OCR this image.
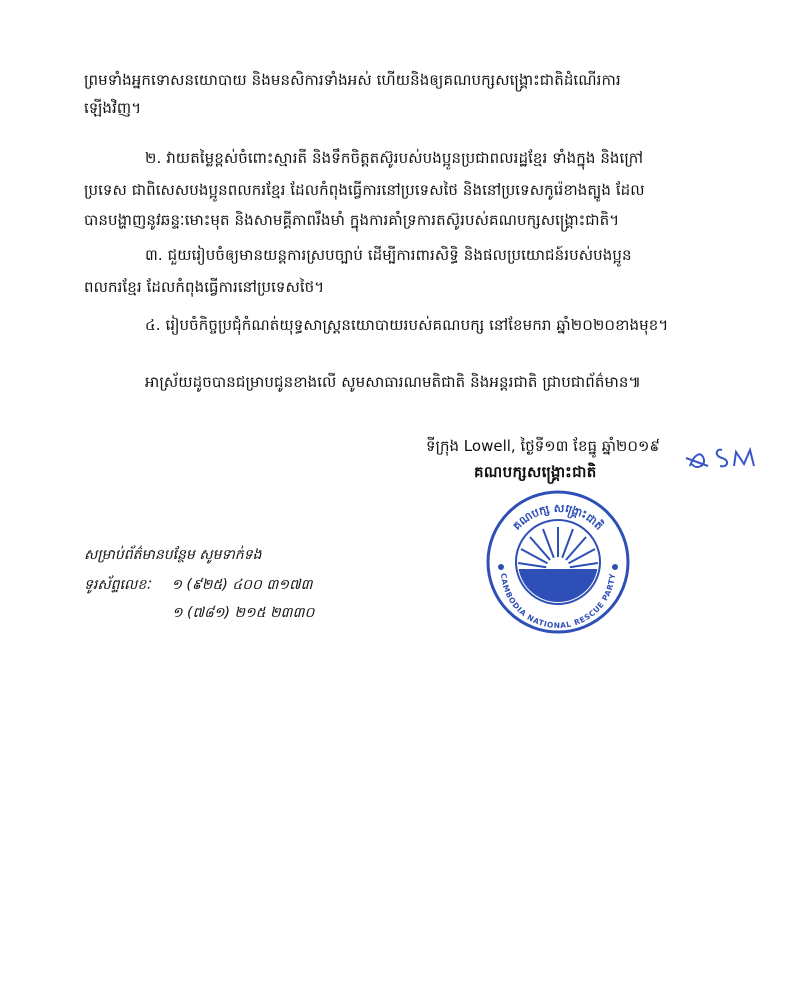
ព្រមទាំងអ្នកទោសនយោបាយ និងមនសិការទាំងអស់ ហើយនិងឲ្យគណបក្សសង្គ្រោះជាតិដំណើរការ
ឡើងវិញ។
២. វាយតម្លៃខ្ពស់ចំពោះស្មារតី និងទឹកចិត្តតស៊ូរបស់បងប្អូនប្រជាពលរដ្ឋខ្មែរ ទាំងក្នុង និងក្រៅ
ប្រទេស ជាពិសេសបងប្អូនពលករខ្មែរ ដែលកំពុងធ្វើការនៅប្រទេសថៃ និងនៅប្រទេសកូរ៉េខាងត្បូង ដែល
បានបង្ហាញនូវឆន្ទៈមោះមុត និងសាមគ្គីភាពរឹងមាំ ក្នុងការគាំទ្រការតស៊ូរបស់គណបក្សសង្គ្រោះជាតិ។
៣. ជួយរៀបចំឲ្យមានយន្តការស្របច្បាប់ ដើម្បីការពារសិទ្ធិ និងផលប្រយោជន៍របស់បងប្អូន
ពលករខ្មែរ ដែលកំពុងធ្វើការនៅប្រទេសថៃ។
៤. រៀបចំកិច្ចប្រជុំកំណត់យុទ្ធសាស្ត្រនយោបាយរបស់គណបក្ស នៅខែមករា ឆ្នាំ២០២០ខាងមុខ។
អាស្រ័យដូចបានជម្រាបជូនខាងលើ សូមសាធារណមតិជាតិ និងអន្តរជាតិ ជ្រាបជាព័ត៌មាន៕
ទីក្រុង Lowell, ថ្ងៃទី១៣ ខែធ្នូ ឆ្នាំ២០១៩
គណបក្សសង្គ្រោះជាតិ
គណបក្ស សង្គ្រោះជាតិ
CAMBODIA NATIONAL RESCUE PARTY
សម្រាប់ព័ត៌មានបន្ថែម សូមទាក់ទង
ទូរស័ព្ទលេខៈ ១ (៩២៥) ៤០០ ៣១៧៣
១ (៧៨១) ២១៥ ២៣៣០
